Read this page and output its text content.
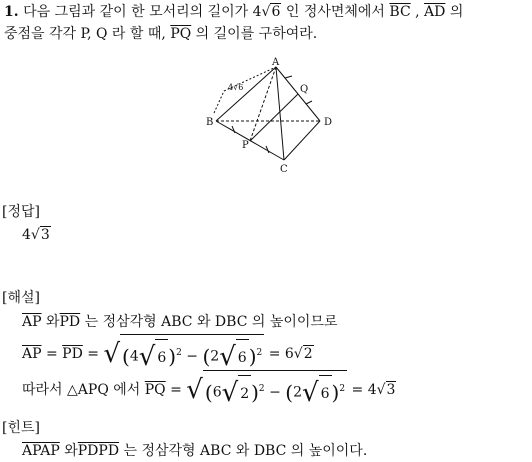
1. 다음 그림과 같이 한 모서리의 길이가 4√6 인 정사면체에서 $\overline{BC}$ , $\overline{AD}$ 의
중점을 각각 P, Q 라 할 때, $\overline{PQ}$ 의 길이를 구하여라.
A
B
C
D
P
Q
4√6
[정답]
4√3
[해설]
$\overline{AP}$ 와$\overline{PD}$ 는 정삼각형 ABC 와 DBC 의 높이이므로
$\overline{AP} = \overline{PD}$ = √ (4√ 6 )$^2$ − (2√ 6 )$^2$ = 6√2
따라서 △APQ 에서 $\overline{PQ}$ = √ (6√ 2 )$^2$ − (2√ 6 )$^2$ = 4√3
[힌트]
APAP 와PDPD 는 정삼각형 ABC 와 DBC 의 높이이다.
